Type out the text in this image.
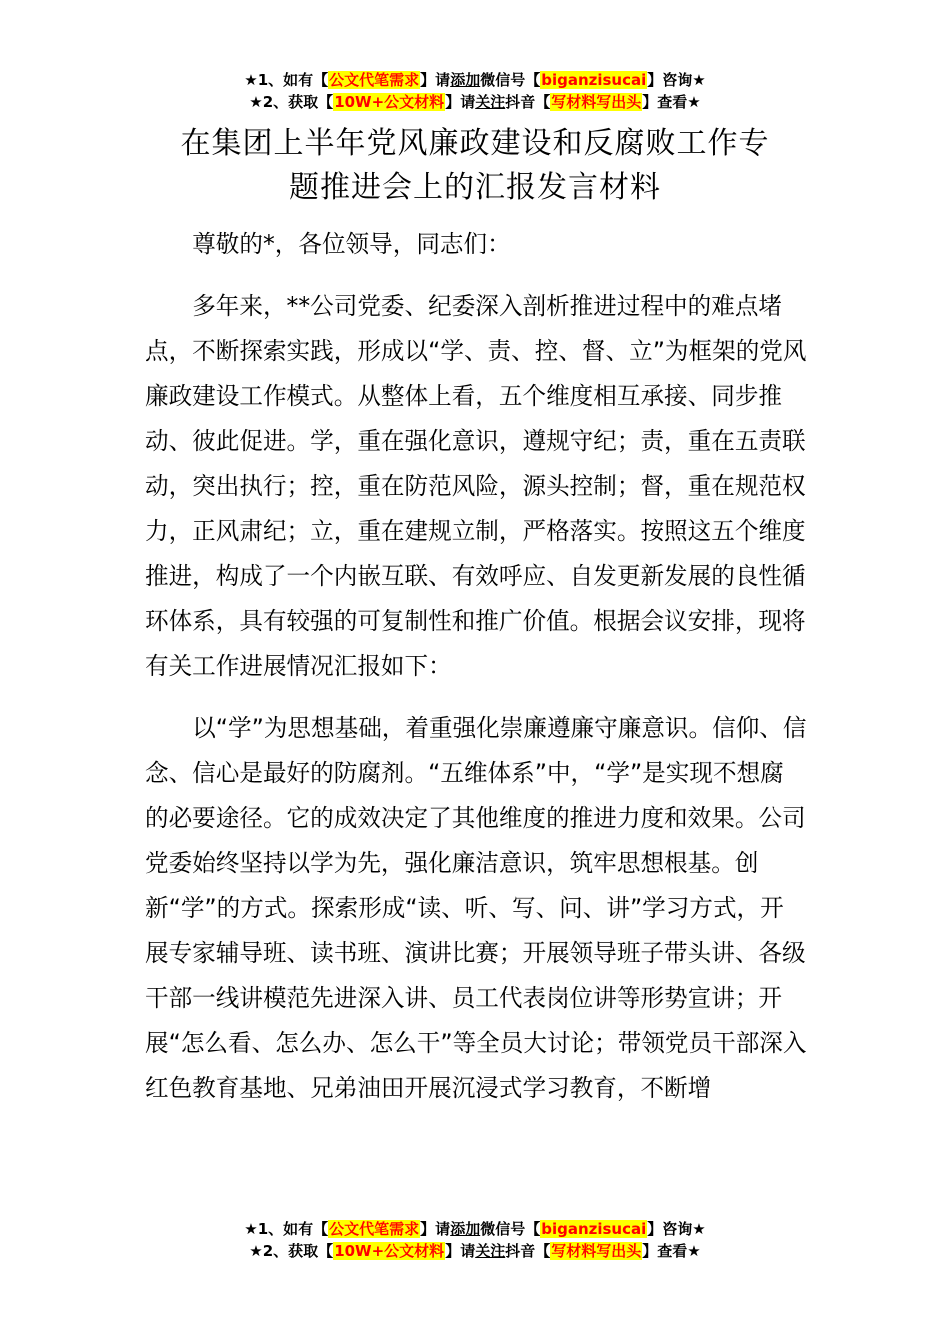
★1、如有【公文代笔需求】请添加微信号【biganzisucai】咨询★
★2、获取【10W+公文材料】请关注抖音【写材料写出头】查看★
在集团上半年党风廉政建设和反腐败工作专
题推进会上的汇报发言材料

尊敬的*，各位领导，同志们：

多年来，**公司党委、纪委深入剖析推进过程中的难点堵点，不断探索实践，形成以“学、责、控、督、立”为框架的党风廉政建设工作模式。从整体上看，五个维度相互承接、同步推动、彼此促进。学，重在强化意识，遵规守纪；责，重在五责联动，突出执行；控，重在防范风险，源头控制；督，重在规范权力，正风肃纪；立，重在建规立制，严格落实。按照这五个维度推进，构成了一个内嵌互联、有效呼应、自发更新发展的良性循环体系，具有较强的可复制性和推广价值。根据会议安排，现将有关工作进展情况汇报如下：

以“学”为思想基础，着重强化崇廉遵廉守廉意识。信仰、信念、信心是最好的防腐剂。“五维体系”中，“学”是实现不想腐的必要途径。它的成效决定了其他维度的推进力度和效果。公司党委始终坚持以学为先，强化廉洁意识，筑牢思想根基。创新“学”的方式。探索形成“读、听、写、问、讲”学习方式，开展专家辅导班、读书班、演讲比赛；开展领导班子带头讲、各级干部一线讲模范先进深入讲、员工代表岗位讲等形势宣讲；开展“怎么看、怎么办、怎么干”等全员大讨论；带领党员干部深入红色教育基地、兄弟油田开展沉浸式学习教育，不断增

★1、如有【公文代笔需求】请添加微信号【biganzisucai】咨询★
★2、获取【10W+公文材料】请关注抖音【写材料写出头】查看★
